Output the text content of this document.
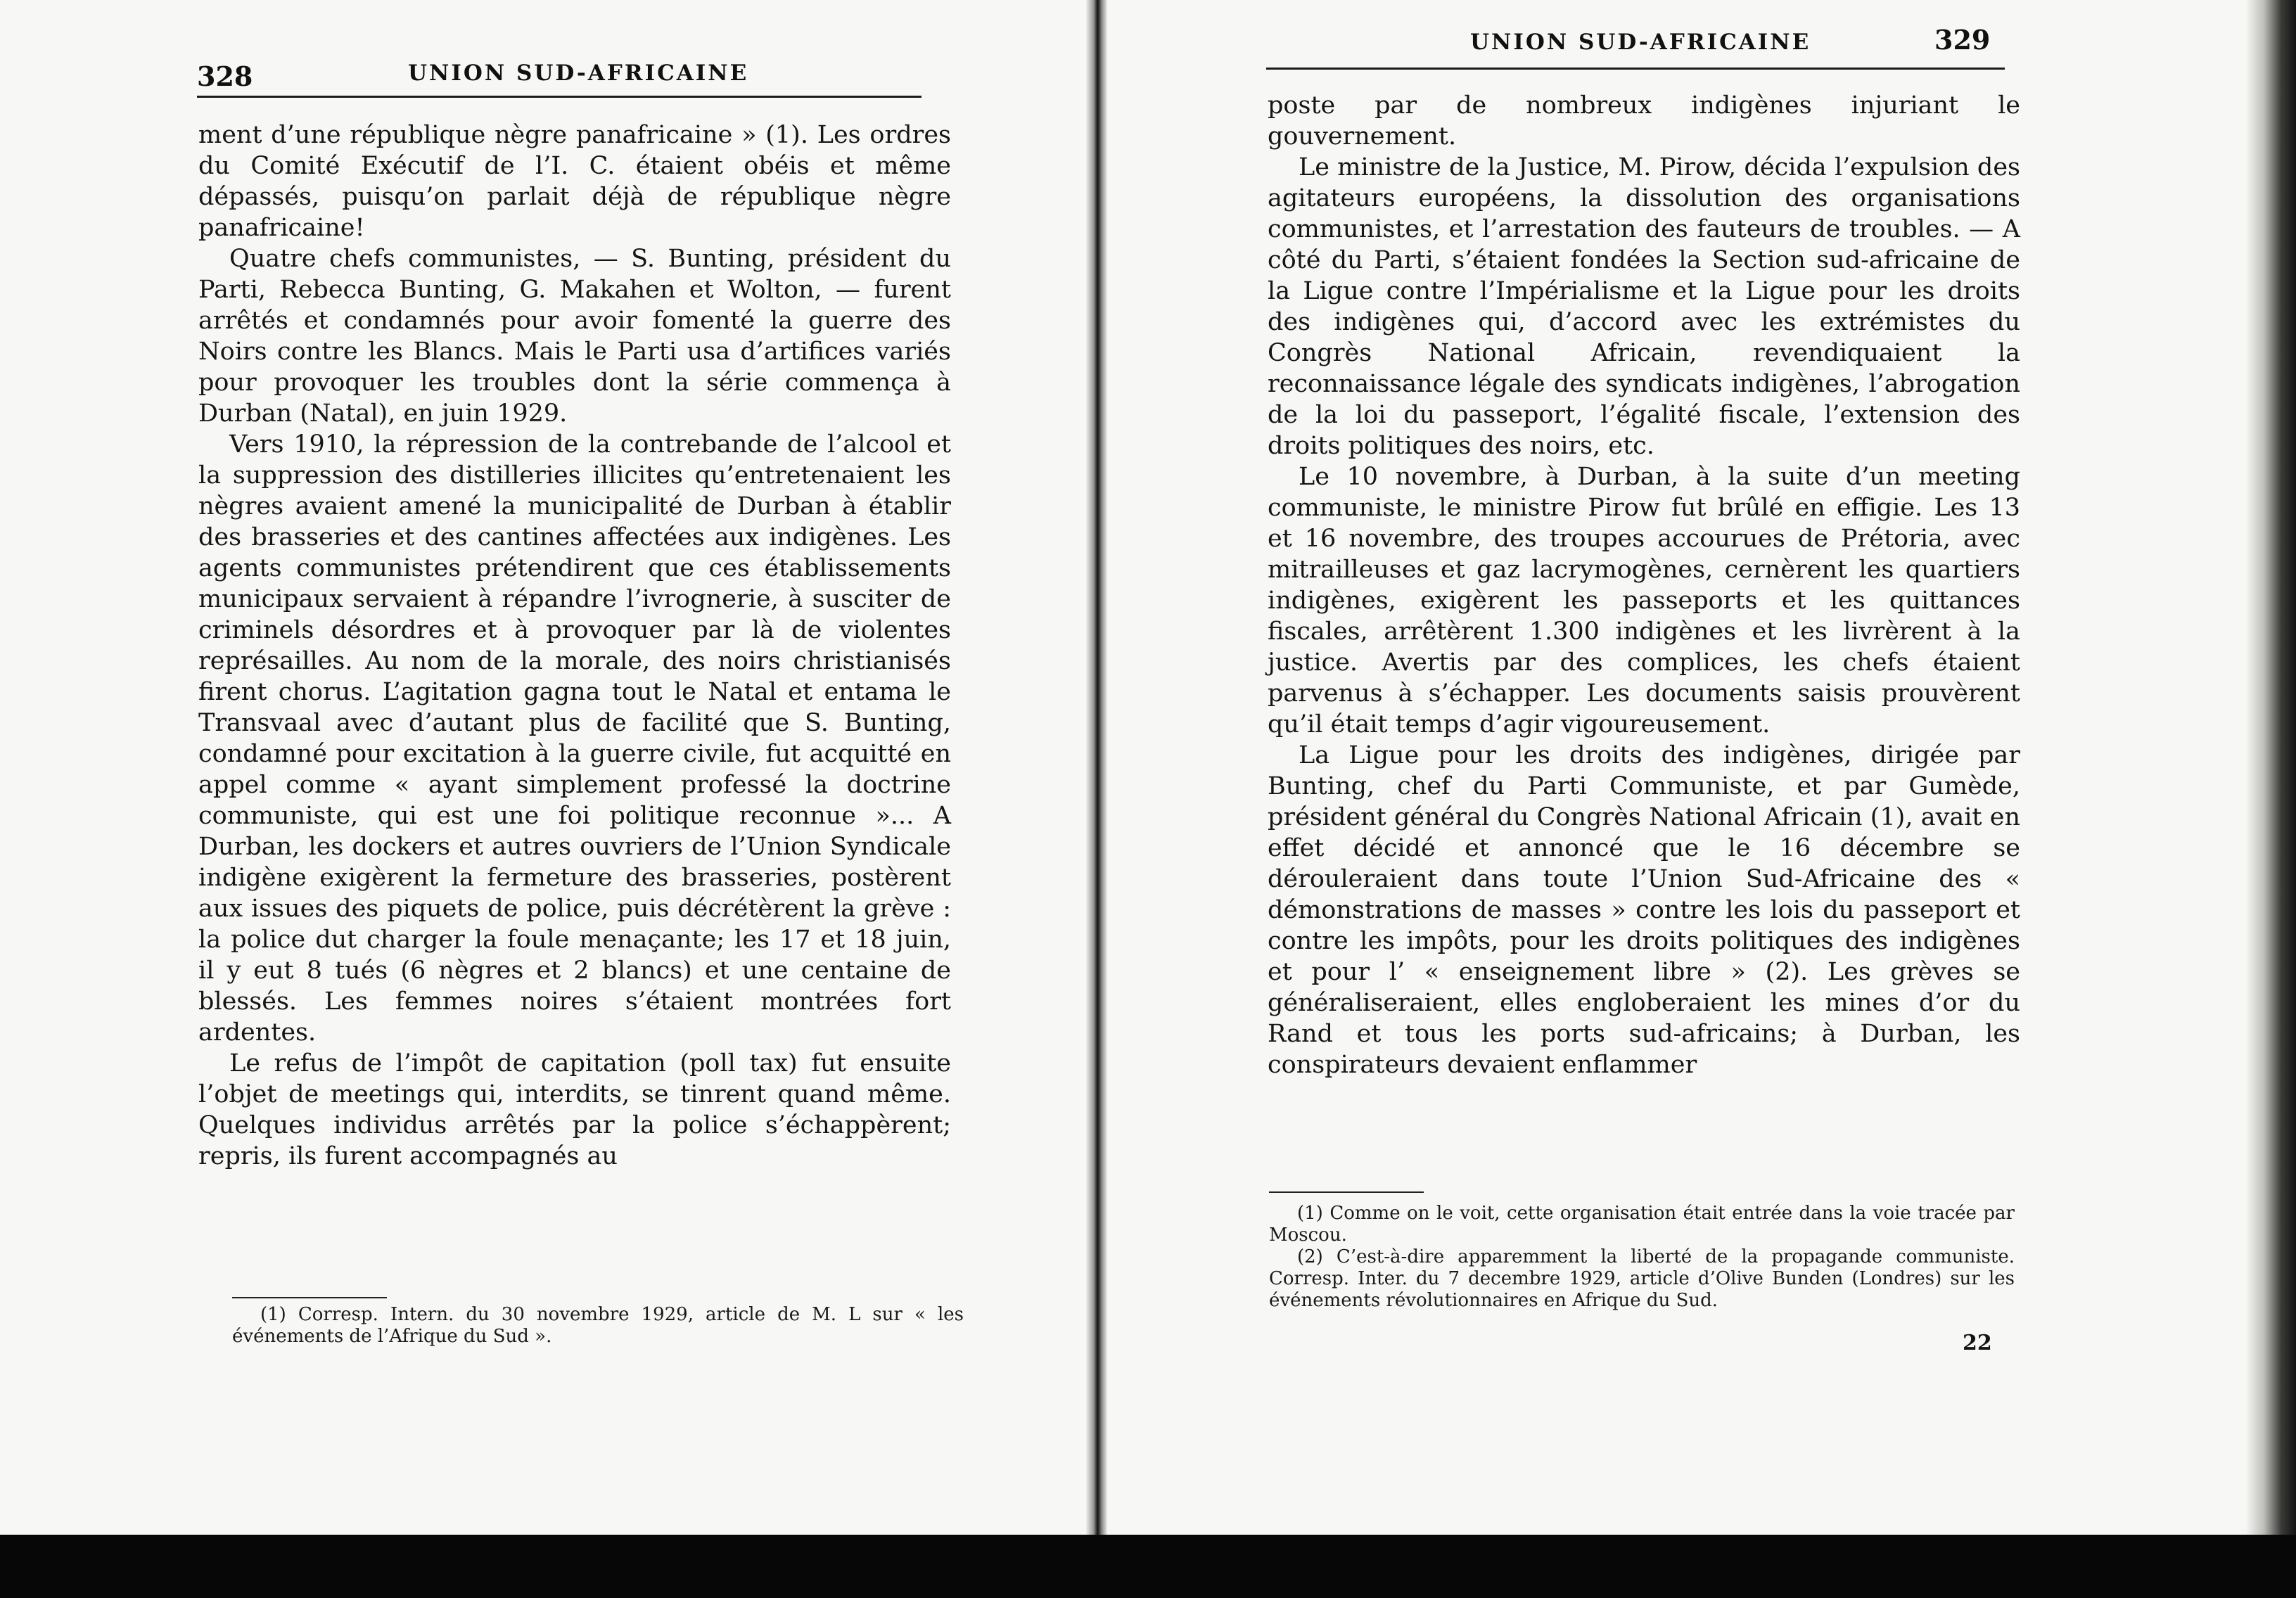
328	UNION SUD-AFRICAINE

ment d’une république nègre panafricaine » (1). Les ordres du Comité Exécutif de l’I. C. étaient obéis et même dépassés, puisqu’on parlait déjà de république nègre panafricaine!

Quatre chefs communistes, — S. Bunting, président du Parti, Rebecca Bunting, G. Makahen et Wolton, — furent arrêtés et condamnés pour avoir fomenté la guerre des Noirs contre les Blancs. Mais le Parti usa d’artifices variés pour provoquer les troubles dont la série commença à Durban (Natal), en juin 1929.

Vers 1910, la répression de la contrebande de l’alcool et la suppression des distilleries illicites qu’entretenaient les nègres avaient amené la municipalité de Durban à établir des brasseries et des cantines affectées aux indigènes. Les agents communistes prétendirent que ces établissements municipaux servaient à répandre l’ivrognerie, à susciter de criminels désordres et à provoquer par là de violentes représailles. Au nom de la morale, des noirs christianisés firent chorus. L’agitation gagna tout le Natal et entama le Transvaal avec d’autant plus de facilité que S. Bunting, condamné pour excitation à la guerre civile, fut acquitté en appel comme « ayant simplement professé la doctrine communiste, qui est une foi politique reconnue »... A Durban, les dockers et autres ouvriers de l’Union Syndicale indigène exigèrent la fermeture des brasseries, postèrent aux issues des piquets de police, puis décrétèrent la grève : la police dut charger la foule menaçante; les 17 et 18 juin, il y eut 8 tués (6 nègres et 2 blancs) et une centaine de blessés. Les femmes noires s’étaient montrées fort ardentes.

Le refus de l’impôt de capitation (poll tax) fut ensuite l’objet de meetings qui, interdits, se tinrent quand même. Quelques individus arrêtés par la police s’échappèrent; repris, ils furent accompagnés au

(1) Corresp. Intern. du 30 novembre 1929, article de M. L sur « les événements de l’Afrique du Sud ».

UNION SUD-AFRICAINE	329

poste par de nombreux indigènes injuriant le gouvernement.

Le ministre de la Justice, M. Pirow, décida l’expulsion des agitateurs européens, la dissolution des organisations communistes, et l’arrestation des fauteurs de troubles. — A côté du Parti, s’étaient fondées la Section sud-africaine de la Ligue contre l’Impérialisme et la Ligue pour les droits des indigènes qui, d’accord avec les extrémistes du Congrès National Africain, revendiquaient la reconnaissance légale des syndicats indigènes, l’abrogation de la loi du passeport, l’égalité fiscale, l’extension des droits politiques des noirs, etc.

Le 10 novembre, à Durban, à la suite d’un meeting communiste, le ministre Pirow fut brûlé en effigie. Les 13 et 16 novembre, des troupes accourues de Prétoria, avec mitrailleuses et gaz lacrymogènes, cernèrent les quartiers indigènes, exigèrent les passeports et les quittances fiscales, arrêtèrent 1.300 indigènes et les livrèrent à la justice. Avertis par des complices, les chefs étaient parvenus à s’échapper. Les documents saisis prouvèrent qu’il était temps d’agir vigoureusement.

La Ligue pour les droits des indigènes, dirigée par Bunting, chef du Parti Communiste, et par Gumède, président général du Congrès National Africain (1), avait en effet décidé et annoncé que le 16 décembre se dérouleraient dans toute l’Union Sud-Africaine des « démonstrations de masses » contre les lois du passeport et contre les impôts, pour les droits politiques des indigènes et pour l’ « enseignement libre » (2). Les grèves se généraliseraient, elles engloberaient les mines d’or du Rand et tous les ports sud-africains; à Durban, les conspirateurs devaient enflammer

(1) Comme on le voit, cette organisation était entrée dans la voie tracée par Moscou.

(2) C’est-à-dire apparemment la liberté de la propagande communiste. Corresp. Inter. du 7 decembre 1929, article d’Olive Bunden (Londres) sur les événements révolutionnaires en Afrique du Sud.

22
